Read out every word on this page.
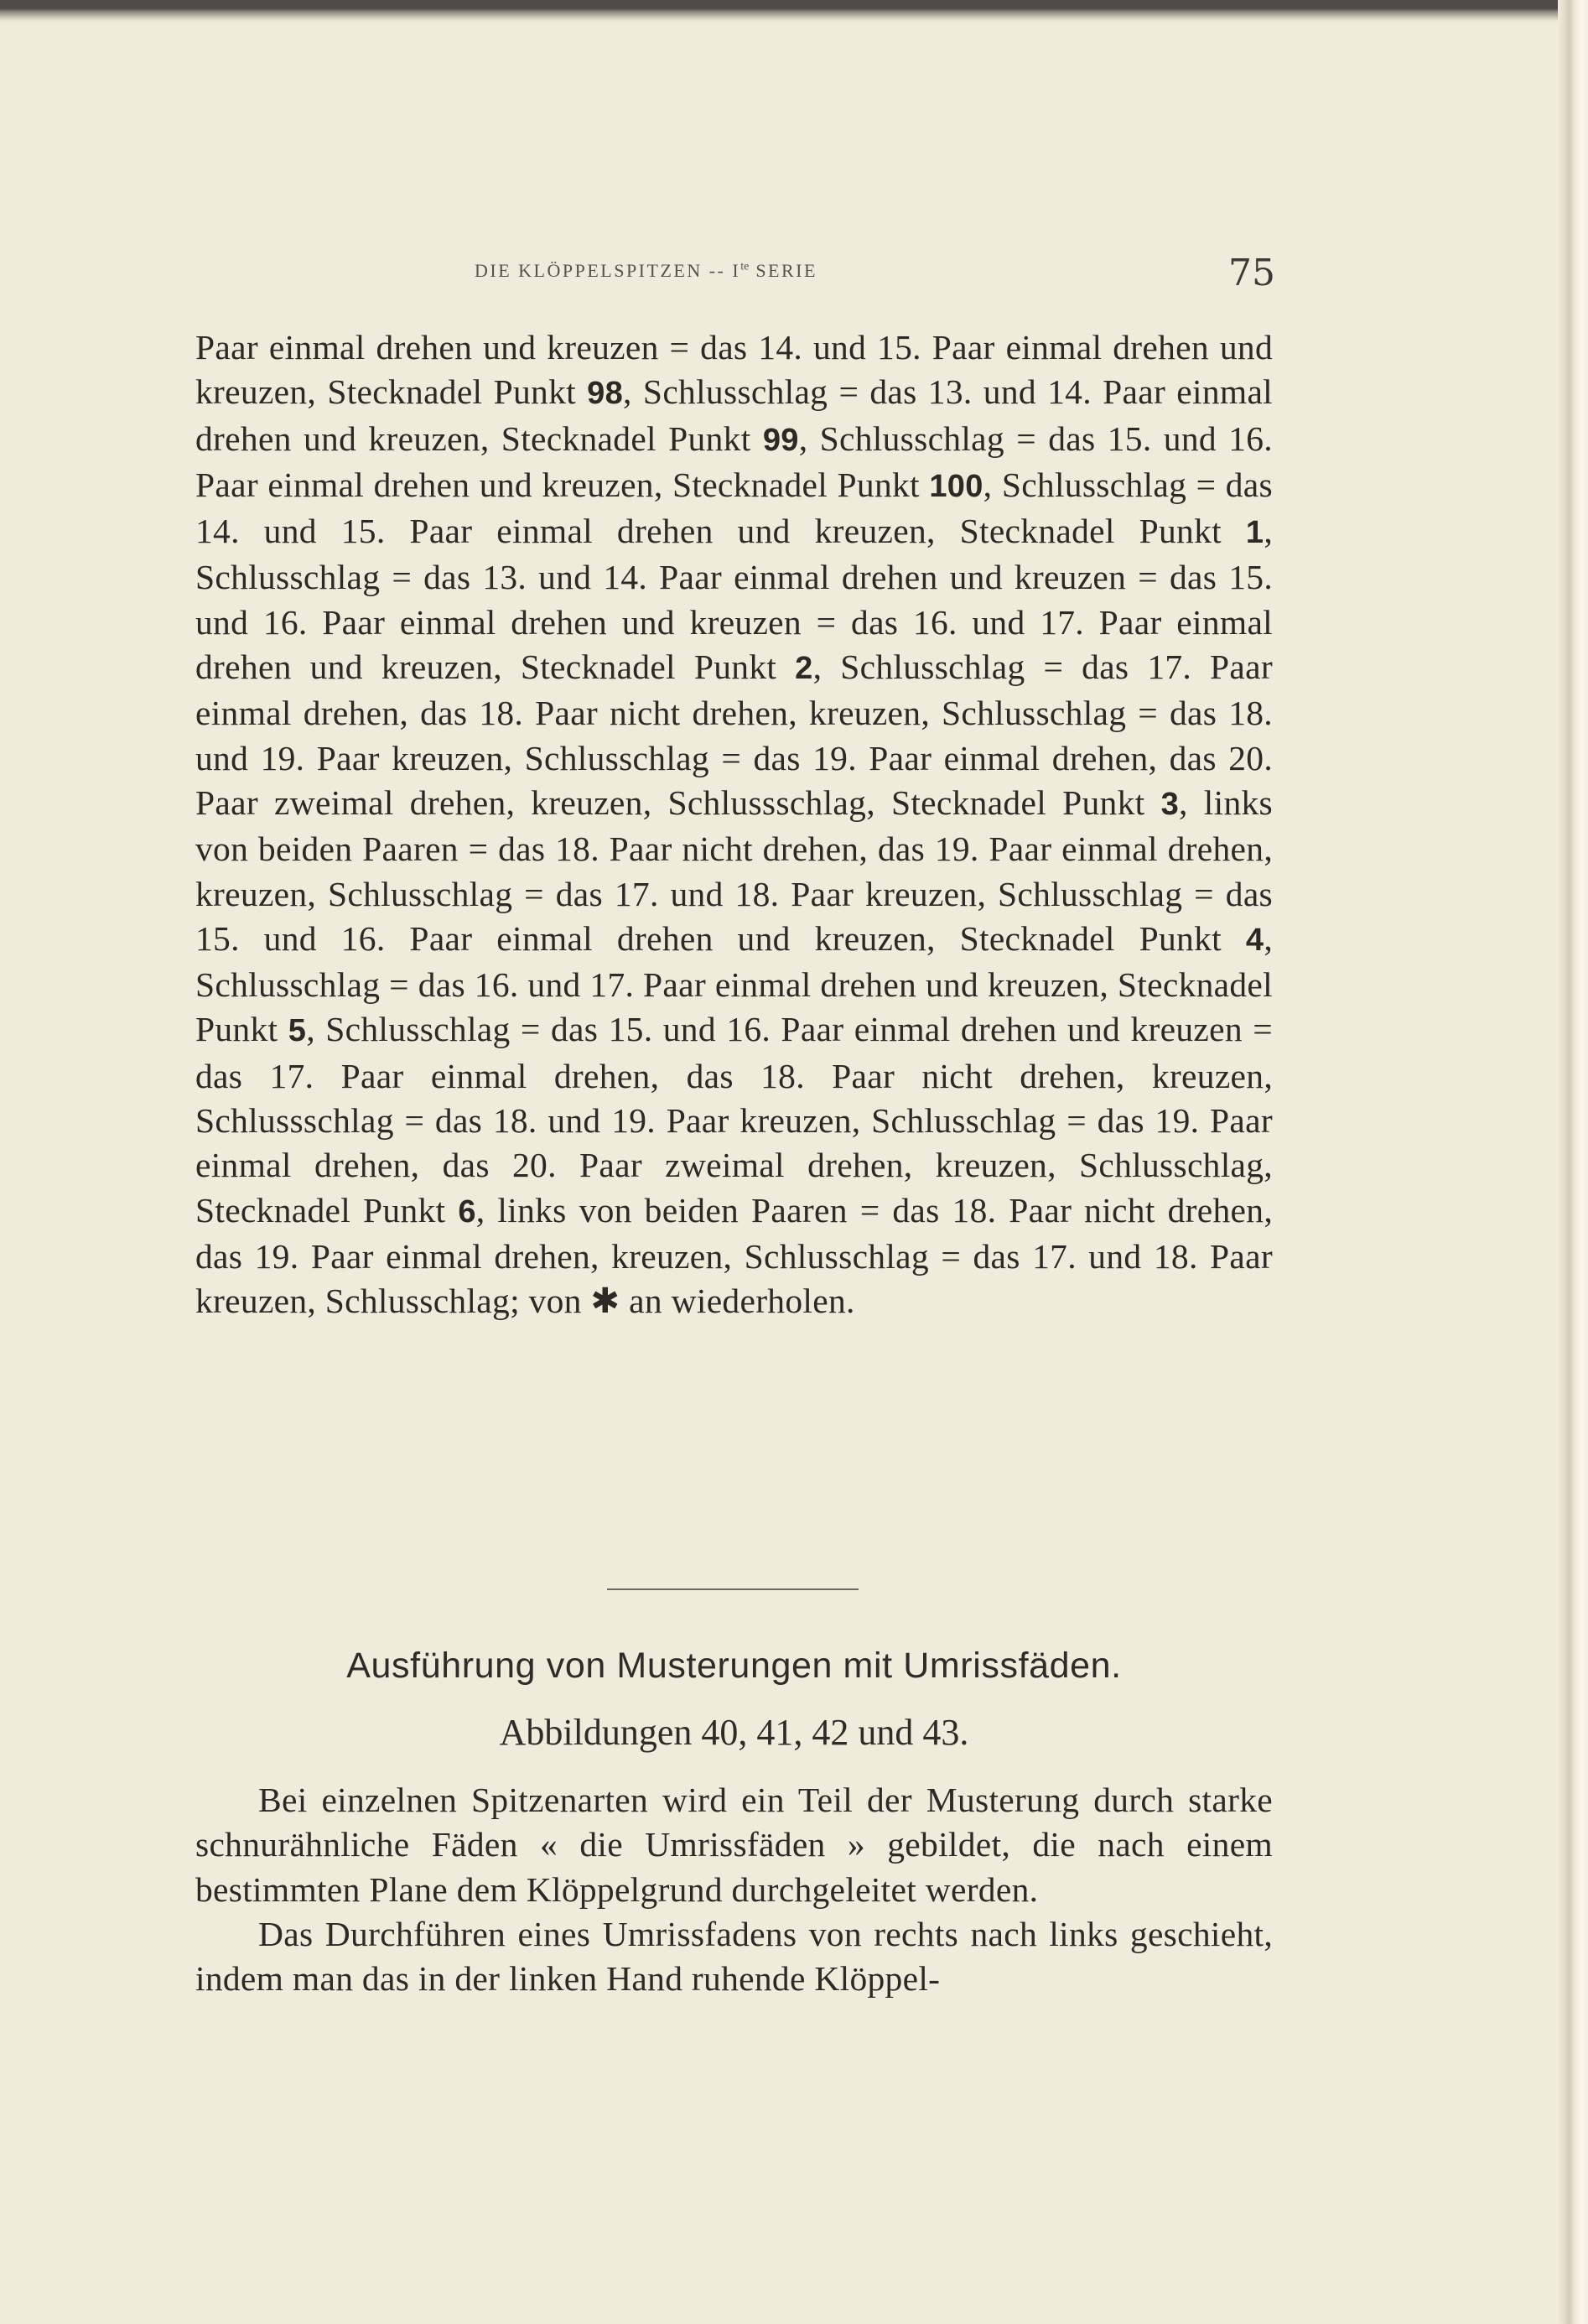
DIE KLÖPPELSPITZEN -- $I^{te}$ SERIE	75
Paar einmal drehen und kreuzen = das 14. und 15. Paar einmal drehen und kreuzen, Stecknadel Punkt 98, Schlusschlag = das 13. und 14. Paar einmal drehen und kreuzen, Stecknadel Punkt 99, Schlusschlag = das 15. und 16. Paar einmal drehen und kreuzen, Stecknadel Punkt 100, Schlusschlag = das 14. und 15. Paar einmal drehen und kreuzen, Stecknadel Punkt 1, Schlusschlag = das 13. und 14. Paar einmal drehen und kreuzen = das 15. und 16. Paar einmal drehen und kreuzen = das 16. und 17. Paar einmal drehen und kreuzen, Stecknadel Punkt 2, Schlusschlag = das 17. Paar einmal drehen, das 18. Paar nicht drehen, kreuzen, Schlusschlag = das 18. und 19. Paar kreuzen, Schlusschlag = das 19. Paar einmal drehen, das 20. Paar zweimal drehen, kreuzen, Schlussschlag, Stecknadel Punkt 3, links von beiden Paaren = das 18. Paar nicht drehen, das 19. Paar einmal drehen, kreuzen, Schlusschlag = das 17. und 18. Paar kreuzen, Schlusschlag = das 15. und 16. Paar einmal drehen und kreuzen, Stecknadel Punkt 4, Schlusschlag = das 16. und 17. Paar einmal drehen und kreuzen, Stecknadel Punkt 5, Schlusschlag = das 15. und 16. Paar einmal drehen und kreuzen = das 17. Paar einmal drehen, das 18. Paar nicht drehen, kreuzen, Schlussschlag = das 18. und 19. Paar kreuzen, Schlusschlag = das 19. Paar einmal drehen, das 20. Paar zweimal drehen, kreuzen, Schlusschlag, Stecknadel Punkt 6, links von beiden Paaren = das 18. Paar nicht drehen, das 19. Paar einmal drehen, kreuzen, Schlusschlag = das 17. und 18. Paar kreuzen, Schlusschlag; von ✱ an wiederholen.
Ausführung von Musterungen mit Umrissfäden.
Abbildungen 40, 41, 42 und 43.

Bei einzelnen Spitzenarten wird ein Teil der Musterung durch starke schnurähnliche Fäden « die Umrissfäden » gebildet, die nach einem bestimmten Plane dem Klöppelgrund durchgeleitet werden.

Das Durchführen eines Umrissfadens von rechts nach links geschieht, indem man das in der linken Hand ruhende Klöppel-
